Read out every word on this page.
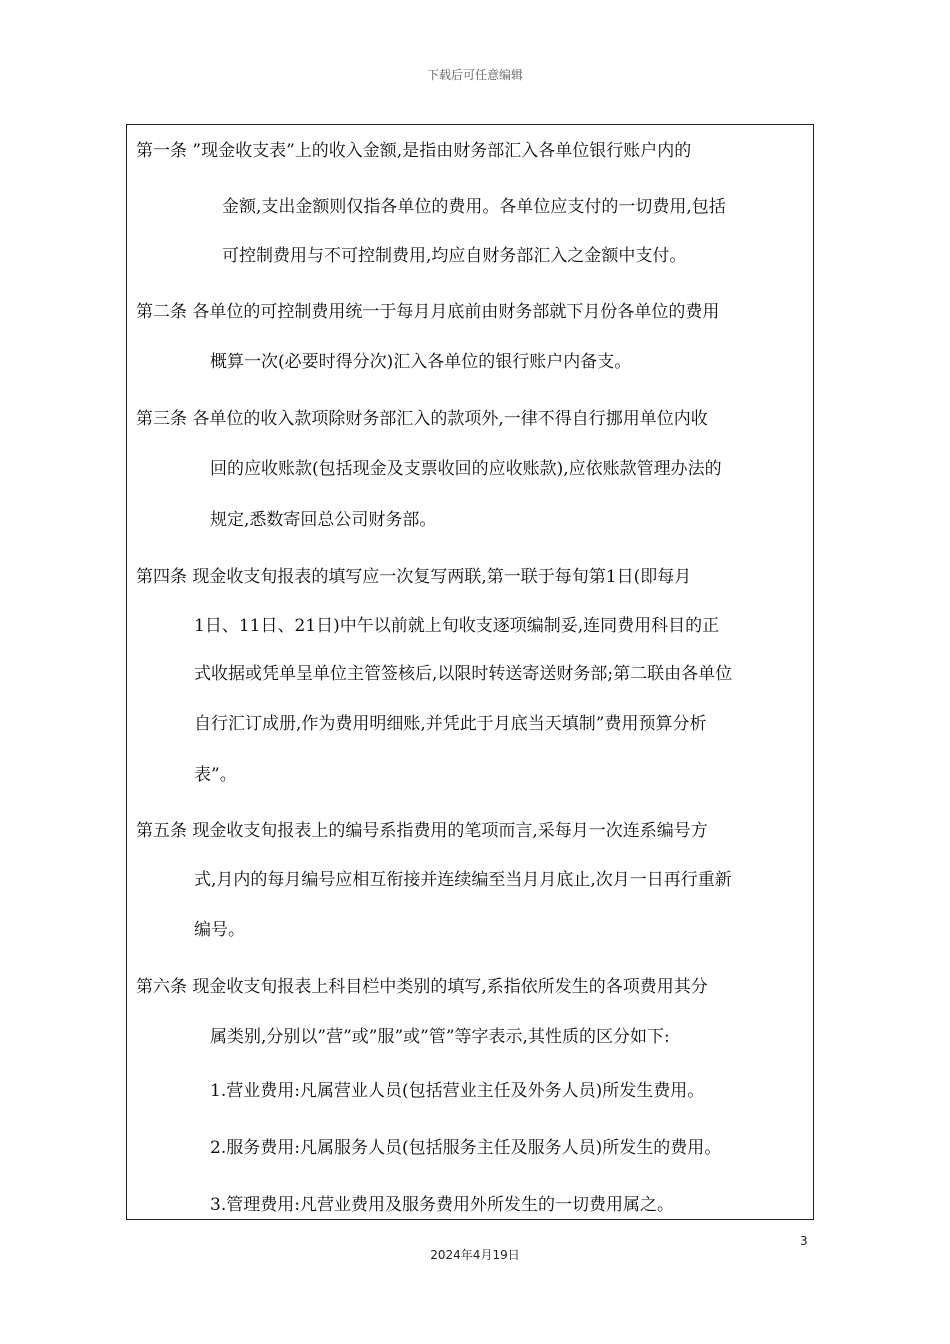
下载后可任意编辑
第一条 ”现金收支表”上的收入金额,是指由财务部汇入各单位银行账户内的
金额,支出金额则仅指各单位的费用。各单位应支付的一切费用,包括
可控制费用与不可控制费用,均应自财务部汇入之金额中支付。
第二条 各单位的可控制费用统一于每月月底前由财务部就下月份各单位的费用
概算一次(必要时得分次)汇入各单位的银行账户内备支。
第三条 各单位的收入款项除财务部汇入的款项外,一律不得自行挪用单位内收
回的应收账款(包括现金及支票收回的应收账款),应依账款管理办法的
规定,悉数寄回总公司财务部。
第四条 现金收支旬报表的填写应一次复写两联,第一联于每旬第1日(即每月
1日、11日、21日)中午以前就上旬收支逐项编制妥,连同费用科目的正
式收据或凭单呈单位主管签核后,以限时转送寄送财务部;第二联由各单位
自行汇订成册,作为费用明细账,并凭此于月底当天填制”费用预算分析
表”。
第五条 现金收支旬报表上的编号系指费用的笔项而言,采每月一次连系编号方
式,月内的每月编号应相互衔接并连续编至当月月底止,次月一日再行重新
编号。
第六条 现金收支旬报表上科目栏中类别的填写,系指依所发生的各项费用其分
属类别,分别以”营”或”服”或”管”等字表示,其性质的区分如下:
1.营业费用:凡属营业人员(包括营业主任及外务人员)所发生费用。
2.服务费用:凡属服务人员(包括服务主任及服务人员)所发生的费用。
3.管理费用:凡营业费用及服务费用外所发生的一切费用属之。
3
2024年4月19日
